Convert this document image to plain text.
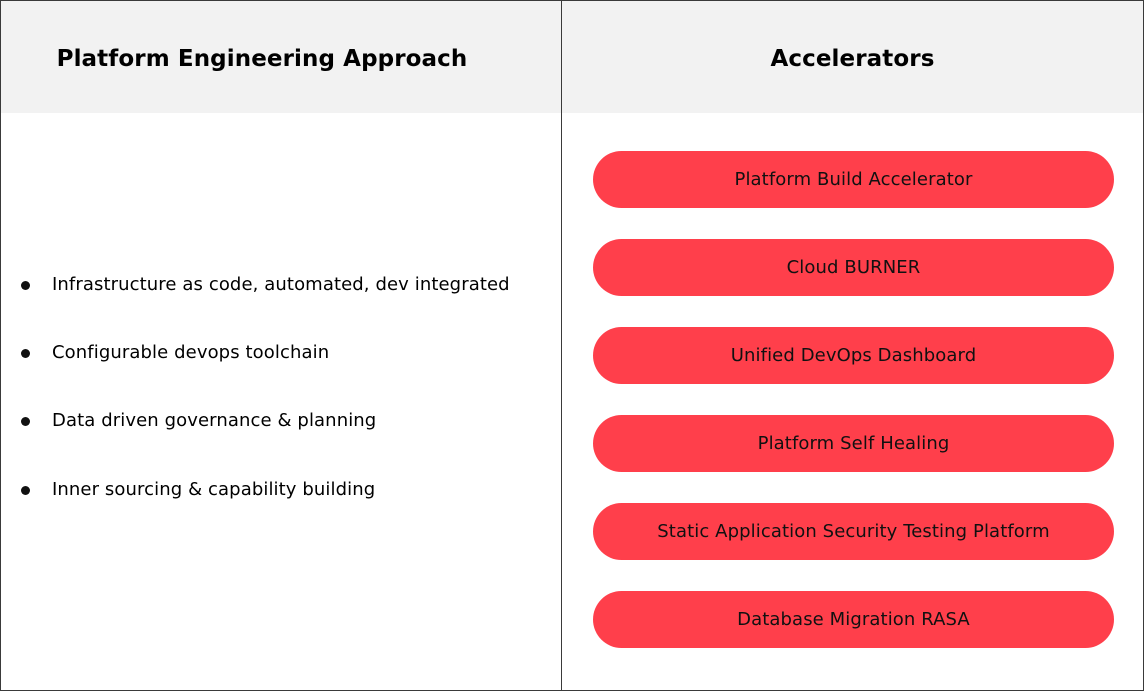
Platform Engineering Approach	Accelerators
Infrastructure as code, automated, dev integrated
Configurable devops toolchain
Data driven governance & planning
Inner sourcing & capability building
Platform Build Accelerator
Cloud BURNER
Unified DevOps Dashboard
Platform Self Healing
Static Application Security Testing Platform
Database Migration RASA
